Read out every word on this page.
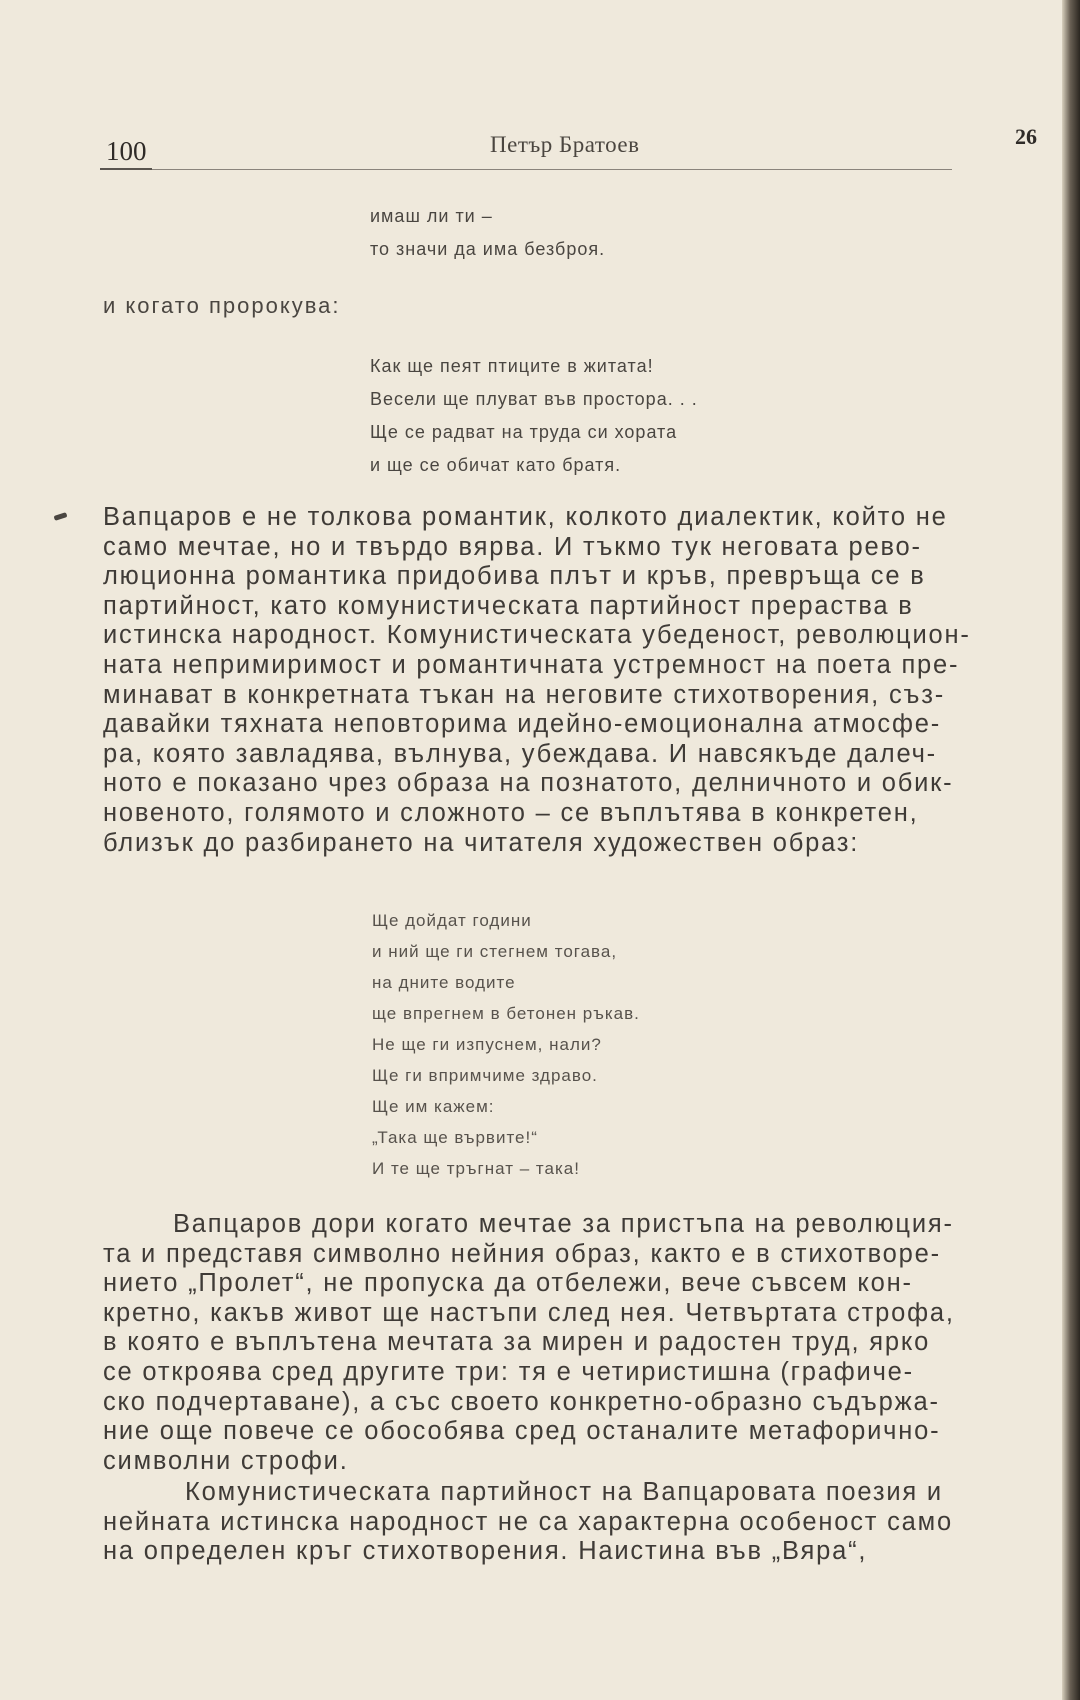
100	Петър Братоев	26
имаш ли ти –
то значи да има безброя.
и когато пророкува:
Как ще пеят птиците в житата!
Весели ще плуват във простора. . .
Ще се радват на труда си хората
и ще се обичат като братя.
Вапцаров е не толкова романтик, колкото диалектик, който не
само мечтае, но и твърдо вярва. И тъкмо тук неговата рево-
люционна романтика придобива плът и кръв, превръща се в
партийност, като комунистическата партийност прераства в
истинска народност. Комунистическата убеденост, революцион-
ната непримиримост и романтичната устремност на поета пре-
минават в конкретната тъкан на неговите стихотворения, съз-
давайки тяхната неповторима идейно-емоционална атмосфе-
ра, която завладява, вълнува, убеждава. И навсякъде далеч-
ното е показано чрез образа на познатото, делничното и обик-
новеното, голямото и сложното – се въплътява в конкретен,
близък до разбирането на читателя художествен образ:
Ще дойдат години
и ний ще ги стегнем тогава,
на дните водите
ще впрегнем в бетонен ръкав.
Не ще ги изпуснем, нали?
Ще ги впримчиме здраво.
Ще им кажем:
„Така ще вървите!“
И те ще тръгнат – така!
Вапцаров дори когато мечтае за пристъпа на революция-
та и представя символно нейния образ, както е в стихотворе-
нието „Пролет“, не пропуска да отбележи, вече съвсем кон-
кретно, какъв живот ще настъпи след нея. Четвъртата строфа,
в която е въплътена мечтата за мирен и радостен труд, ярко
се откроява сред другите три: тя е четиристишна (графиче-
ско подчертаване), а със своето конкретно-образно съдържа-
ние още повече се обособява сред останалите метафорично-
символни строфи.
Комунистическата партийност на Вапцаровата поезия и
нейната истинска народност не са характерна особеност само
на определен кръг стихотворения. Наистина във „Вяра“,
